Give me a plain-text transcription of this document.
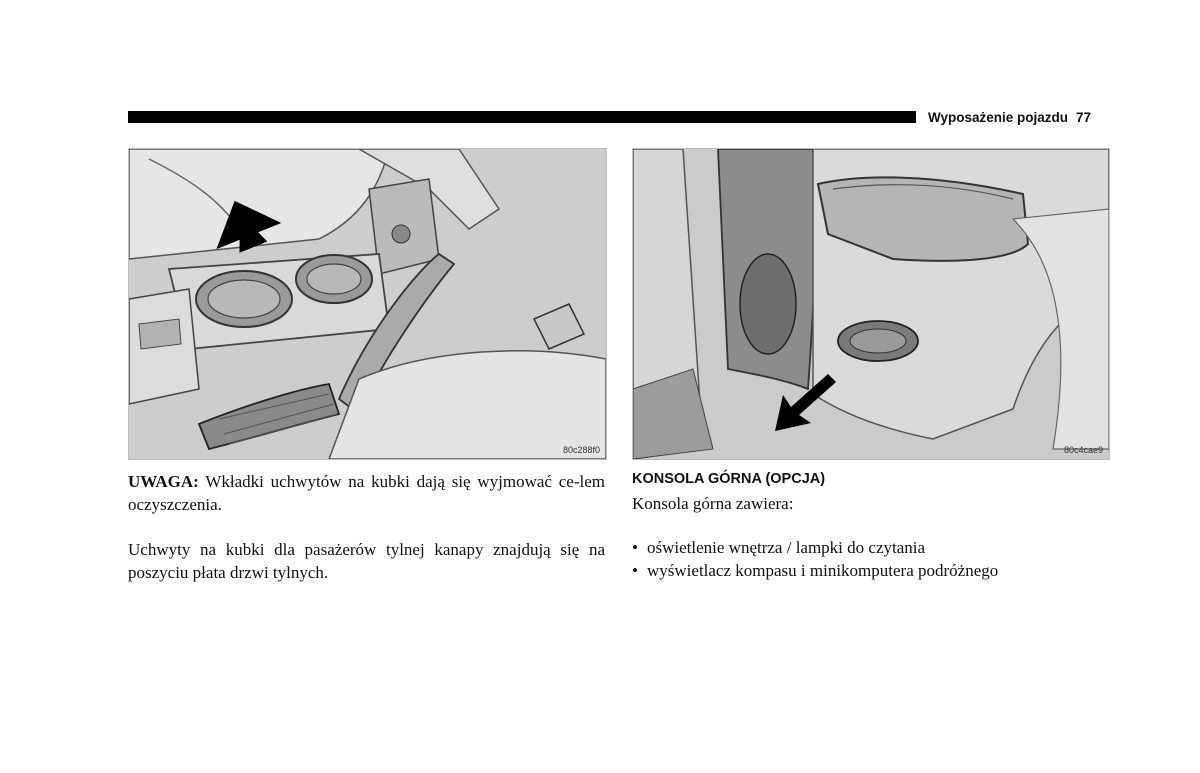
Wyposażenie pojazdu 77
80c288f0	80c4cae9
UWAGA: Wkładki uchwytów na kubki dają się wyjmować ce-lem oczyszczenia.
Uchwyty na kubki dla pasażerów tylnej kanapy znajdują się na poszyciu płata drzwi tylnych.
KONSOLA GÓRNA (OPCJA)
Konsola górna zawiera:
• oświetlenie wnętrza / lampki do czytania
• wyświetlacz kompasu i minikomputera podróżnego
